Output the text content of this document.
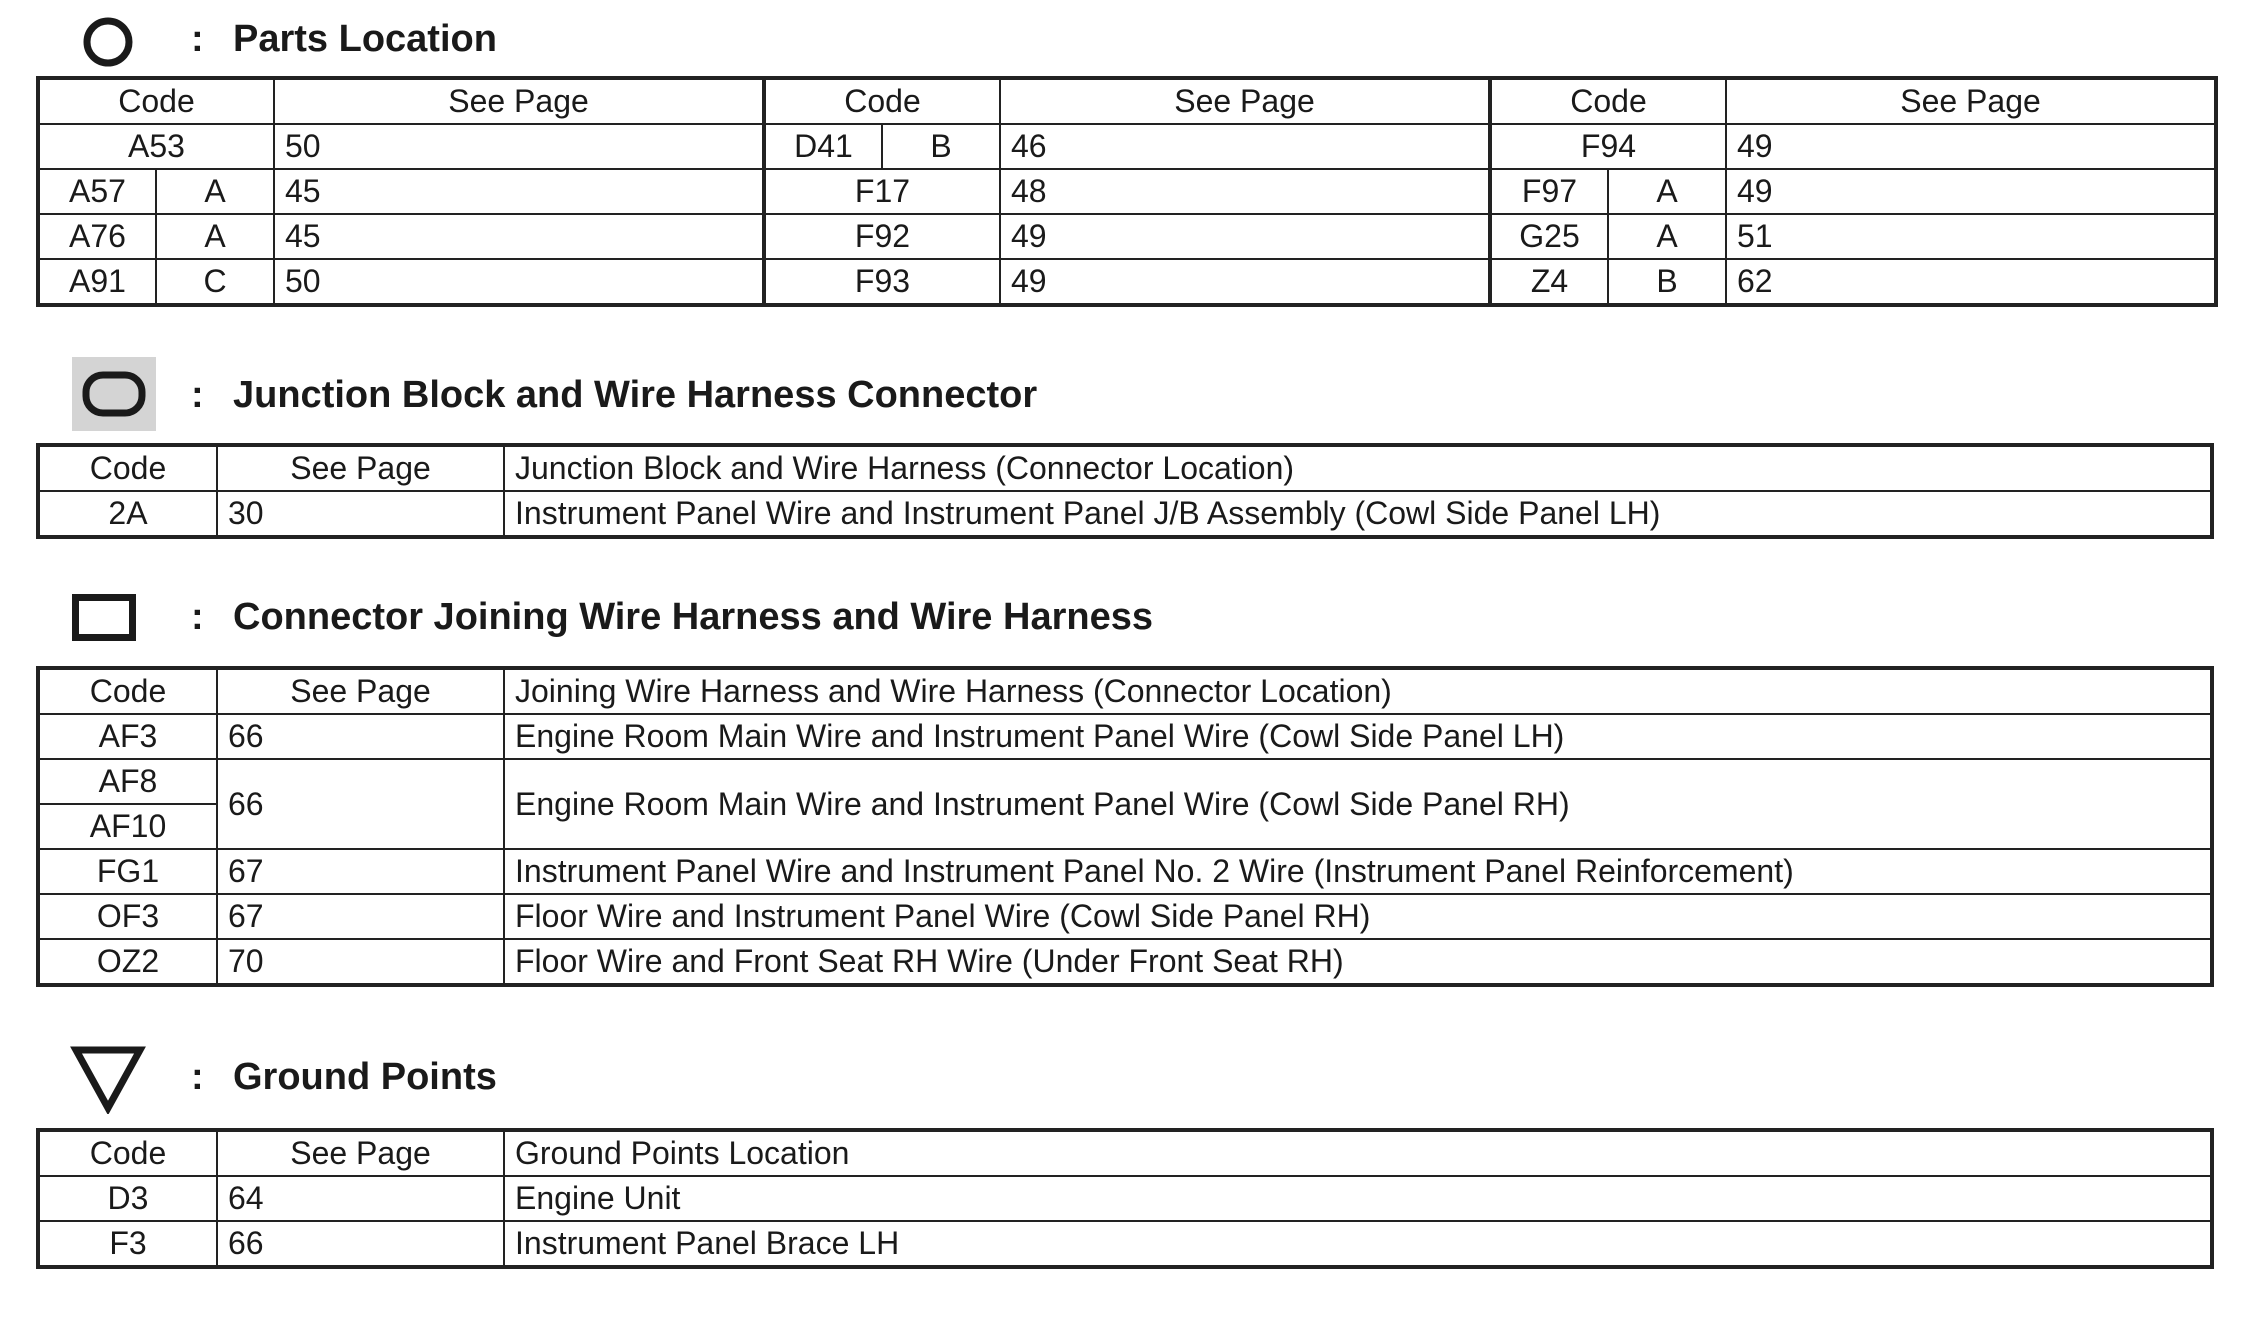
: Parts Location
Code		See Page	Code		See Page	Code		See Page
A53		50	D41	B	46	F94		49
A57	A	45	F17		48	F97	A	49
A76	A	45	F92		49	G25	A	51
A91	C	50	F93		49	Z4	B	62
: Junction Block and Wire Harness Connector
Code	See Page	Junction Block and Wire Harness (Connector Location)
2A	30	Instrument Panel Wire and Instrument Panel J/B Assembly (Cowl Side Panel LH)
: Connector Joining Wire Harness and Wire Harness
Code	See Page	Joining Wire Harness and Wire Harness (Connector Location)
AF3	66	Engine Room Main Wire and Instrument Panel Wire (Cowl Side Panel LH)
AF8	66	Engine Room Main Wire and Instrument Panel Wire (Cowl Side Panel RH)
AF10		
FG1	67	Instrument Panel Wire and Instrument Panel No. 2 Wire (Instrument Panel Reinforcement)
OF3	67	Floor Wire and Instrument Panel Wire (Cowl Side Panel RH)
OZ2	70	Floor Wire and Front Seat RH Wire (Under Front Seat RH)
: Ground Points
Code	See Page	Ground Points Location
D3	64	Engine Unit
F3	66	Instrument Panel Brace LH
